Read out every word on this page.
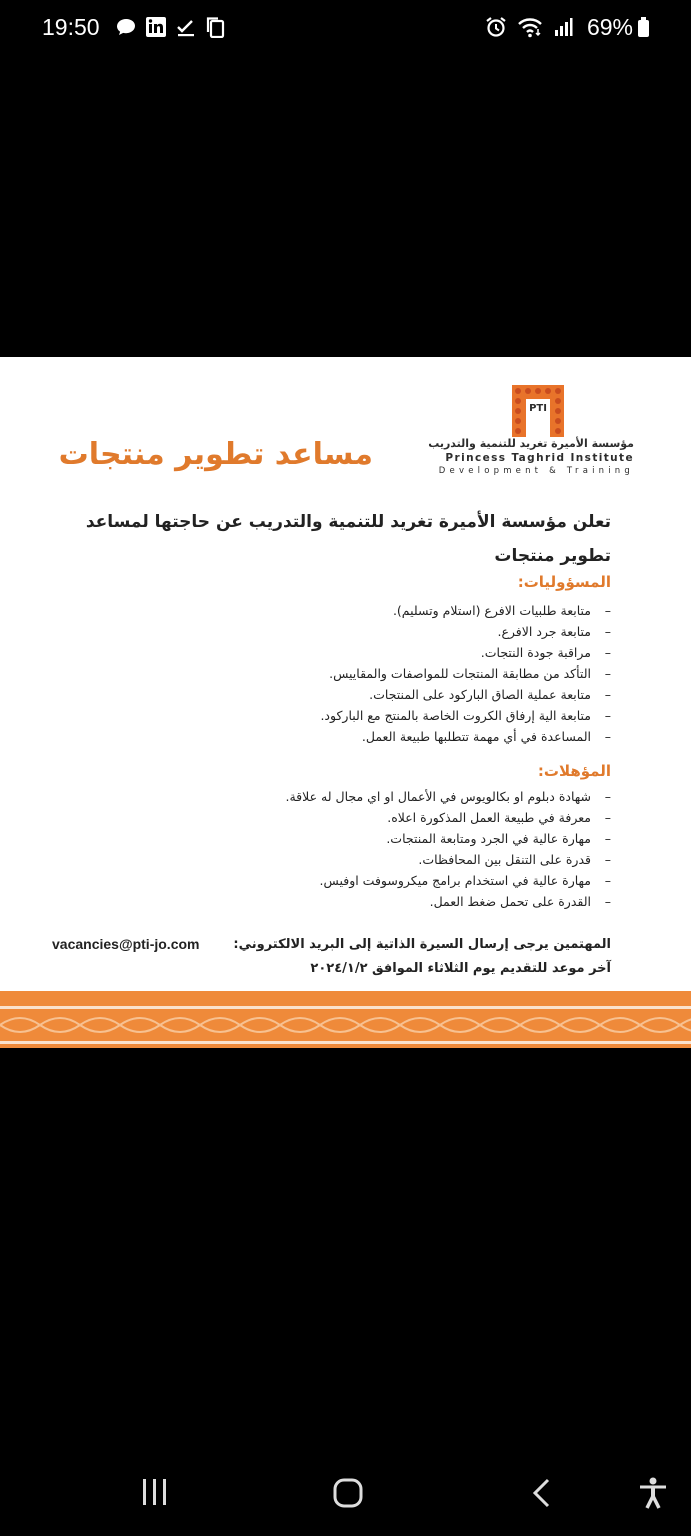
19:50	69%
PTI
مؤسسة الأميرة تغريد للتنمية والتدريب
Princess Taghrid Institute
Development & Training
مساعد تطوير منتجات
تعلن مؤسسة الأميرة تغريد للتنمية والتدريب عن حاجتها لمساعد تطوير منتجات
المسؤوليات:
– متابعة طلبيات الافرع (استلام وتسليم).
– متابعة جرد الافرع.
– مراقبة جودة النتجات.
– التأكد من مطابقة المنتجات للمواصفات والمقاييس.
– متابعة عملية الصاق الباركود على المنتجات.
– متابعة الية إرفاق الكروت الخاصة بالمنتج مع الباركود.
– المساعدة في أي مهمة تتطلبها طبيعة العمل.
المؤهلات:
– شهادة دبلوم او بكالويوس في الأعمال او اي مجال له علاقة.
– معرفة في طبيعة العمل المذكورة اعلاه.
– مهارة عالية في الجرد ومتابعة المنتجات.
– قدرة على التنقل بين المحافظات.
– مهارة عالية في استخدام برامج ميكروسوفت اوفيس.
– القدرة على تحمل ضغط العمل.
المهتمين يرجى إرسال السيرة الذاتية إلى البريد الالكتروني:
vacancies@pti-jo.com
آخر موعد للتقديم يوم الثلاثاء الموافق ٢٠٢٤/١/٢
